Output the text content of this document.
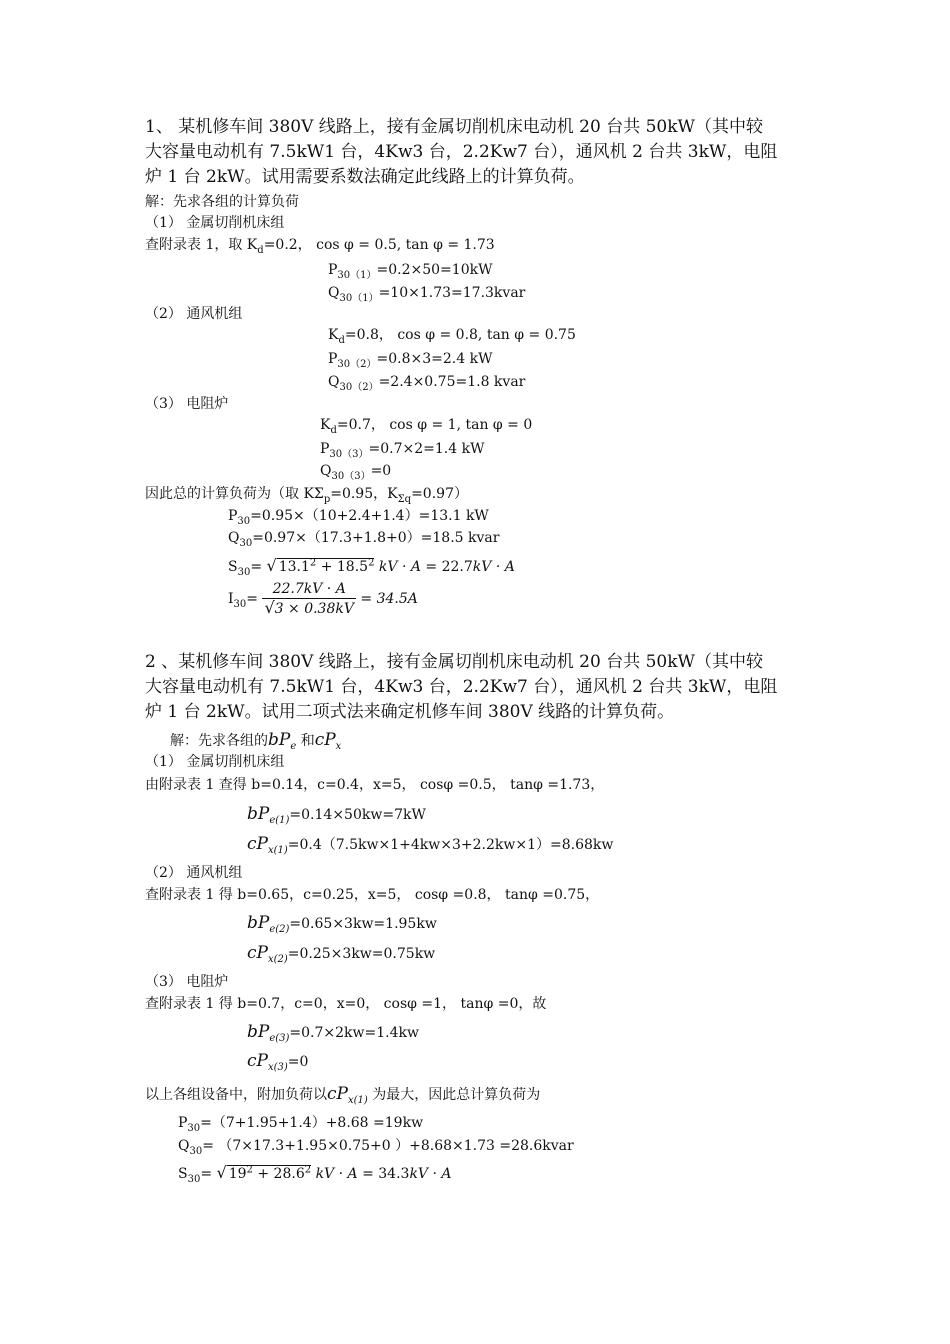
1、 某机修车间 380V 线路上，接有金属切削机床电动机 20 台共 50kW（其中较
大容量电动机有 7.5kW1 台，4Kw3 台，2.2Kw7 台），通风机 2 台共 3kW，电阻
炉 1 台 2kW。试用需要系数法确定此线路上的计算负荷。
解：先求各组的计算负荷
（1） 金属切削机床组
查附录表 1，取 $K_d=0.2$， cos φ = 0.5, tan φ = 1.73
$P_{30(1)}=0.2\times 50=10kW$
$Q_{30(1)}=10\times 1.73=17.3kvar$
（2） 通风机组
$K_d=0.8$， cos φ = 0.8, tan φ = 0.75
$P_{30(2)}=0.8\times 3=2.4$ kW
$Q_{30(2)}=2.4\times 0.75=1.8$ kvar
（3） 电阻炉
$K_d=0.7$， cos φ = 1, tan φ = 0
$P_{30(3)}=0.7\times 2=1.4$ kW
$Q_{30(3)}=0$
因此总的计算负荷为（取 $K\Sigma_p=0.95$，$K_{\Sigma q}=0.97$）
$P_{30}=0.95\times(10+2.4+1.4)=13.1$ kW
$Q_{30}=0.97\times(17.3+1.8+0)=18.5$ kvar
$S_{30}=$ √ $13.1^2 + 18.5^2$ kV · A = 22.7kV · A
$I_{30}= \frac{22.7kV \cdot A}{√3 \times 0.38kV} = 34.5A$
2 、某机修车间 380V 线路上，接有金属切削机床电动机 20 台共 50kW（其中较
大容量电动机有 7.5kW1 台，4Kw3 台，2.2Kw7 台），通风机 2 台共 3kW，电阻
炉 1 台 2kW。试用二项式法来确定机修车间 380V 线路的计算负荷。
解：先求各组的$bP_e$ 和$cP_x$
（1） 金属切削机床组
由附录表 1 查得 b=0.14，c=0.4，x=5， cosφ =0.5， tanφ =1.73，
$bP_{e(1)}=0.14\times 50kw=7kW$
$cP_{x(1)}=0.4(7.5kw\times 1+4kw\times 3+2.2kw\times 1)=8.68kw$
（2） 通风机组
查附录表 1 得 b=0.65，c=0.25，x=5， cosφ =0.8， tanφ =0.75，
$bP_{e(2)}=0.65\times 3kw=1.95kw$
$cP_{x(2)}=0.25\times 3kw=0.75kw$
（3） 电阻炉
查附录表 1 得 b=0.7，c=0，x=0， cosφ =1， tanφ =0，故
$bP_{e(3)}=0.7\times 2kw=1.4kw$
$cP_{x(3)}=0$
以上各组设备中，附加负荷以$cP_{x(1)}$ 为最大，因此总计算负荷为
$P_{30}=(7+1.95+1.4)+8.68 =19kw$
$Q_{30}= (7\times 17.3+1.95\times 0.75+0$ ）+8.68×1.73 =28.6kvar
$S_{30}=$ √ $19^2 + 28.6^2$ kV · A = 34.3kV · A
